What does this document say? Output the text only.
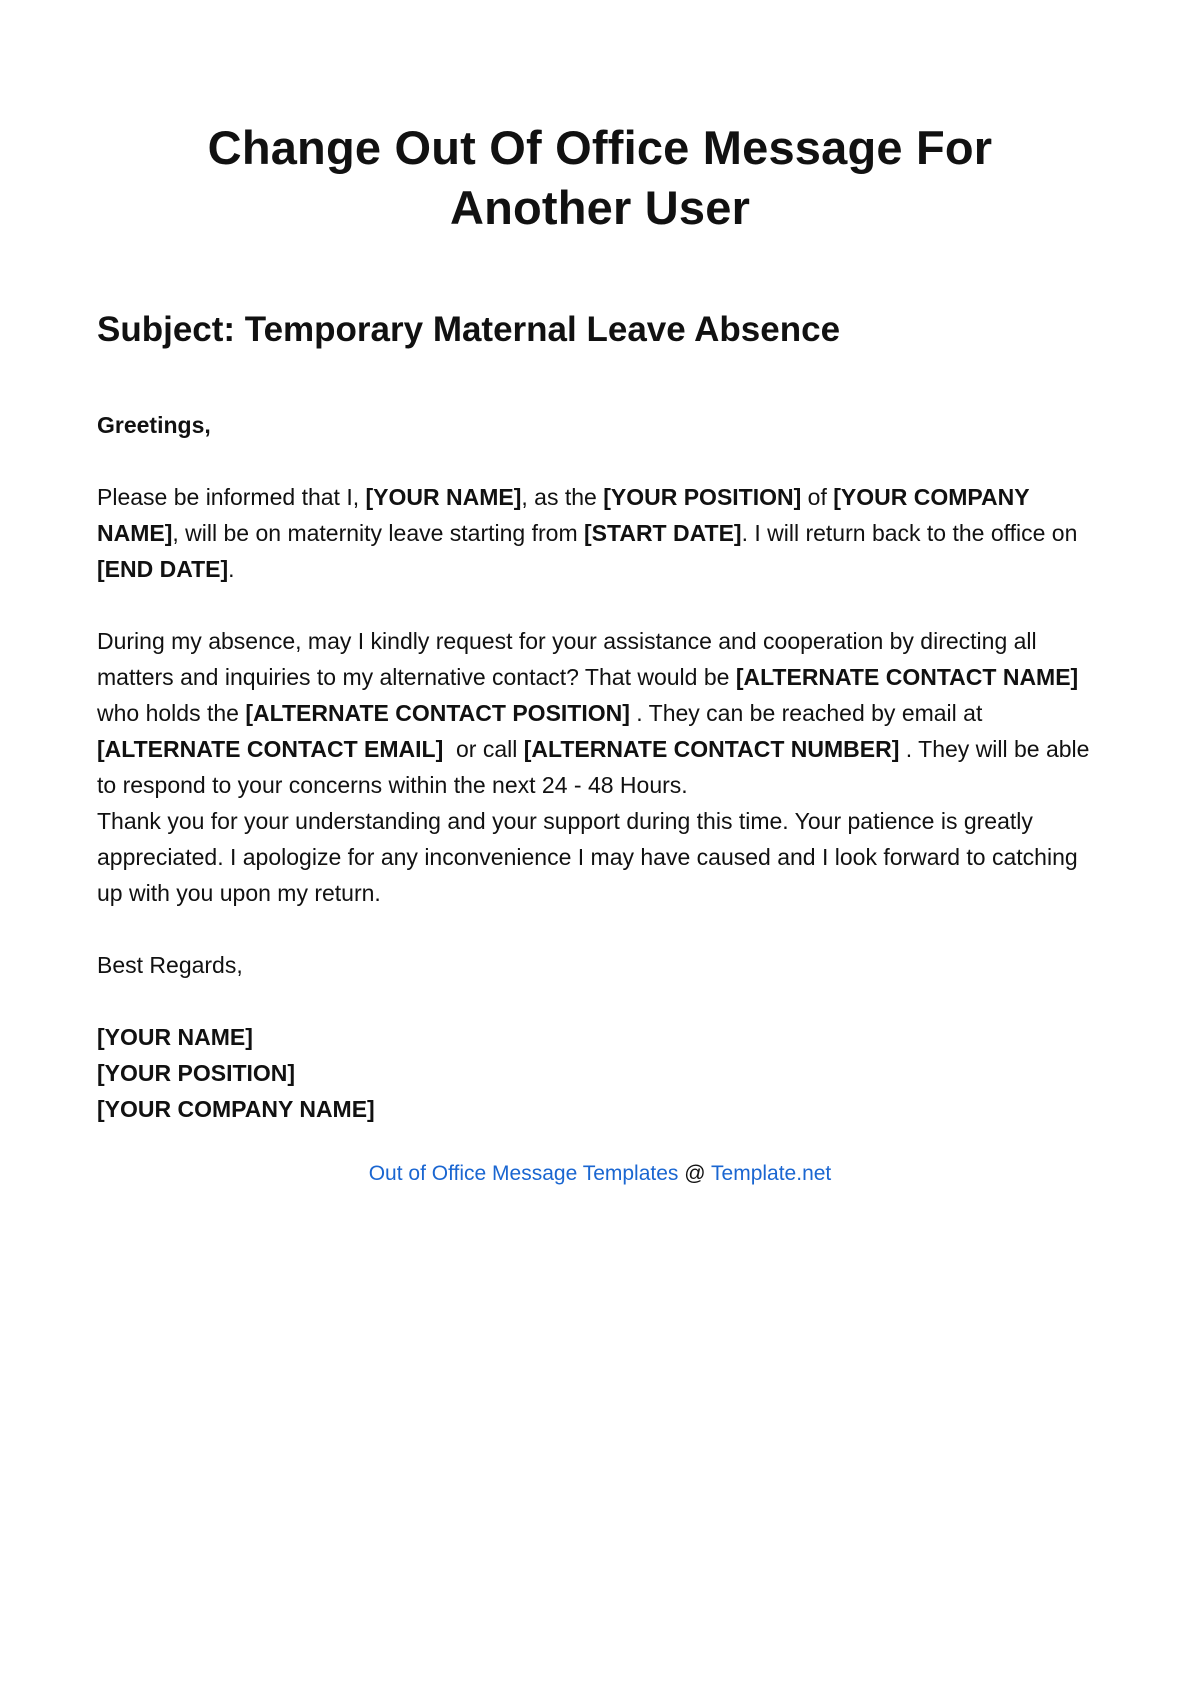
Change Out Of Office Message For Another User
Subject: Temporary Maternal Leave Absence

Greetings,

Please be informed that I, [YOUR NAME], as the [YOUR POSITION] of [YOUR COMPANY NAME], will be on maternity leave starting from [START DATE]. I will return back to the office on [END DATE].

During my absence, may I kindly request for your assistance and cooperation by directing all matters and inquiries to my alternative contact? That would be [ALTERNATE CONTACT NAME]  who holds the [ALTERNATE CONTACT POSITION] . They can be reached by email at [ALTERNATE CONTACT EMAIL]  or call [ALTERNATE CONTACT NUMBER] . They will be able to respond to your concerns within the next 24 - 48 Hours.

Thank you for your understanding and your support during this time. Your patience is greatly appreciated. I apologize for any inconvenience I may have caused and I look forward to catching up with you upon my return.

Best Regards,

[YOUR NAME]

[YOUR POSITION]

[YOUR COMPANY NAME]

Out of Office Message Templates @ Template.net
